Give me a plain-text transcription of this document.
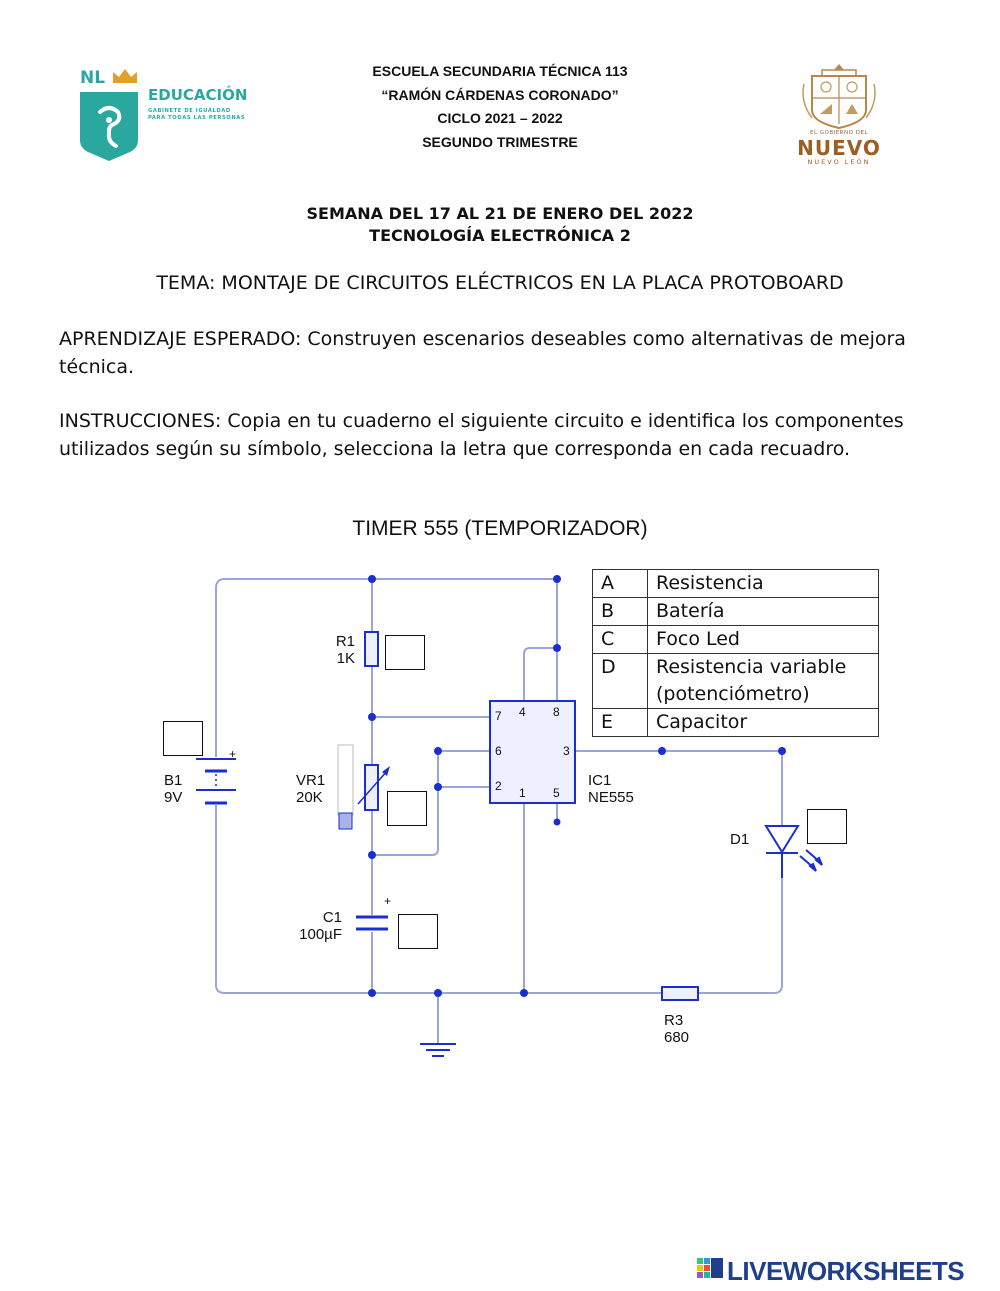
NL
EDUCACIÓN
GABINETE DE IGUALDAD
PARA TODAS LAS PERSONAS
ESCUELA SECUNDARIA TÉCNICA 113
“RAMÓN CÁRDENAS CORONADO”
CICLO 2021 – 2022
SEGUNDO TRIMESTRE
EL GOBIERNO DEL
NUEVO
NUEVO LEÓN
SEMANA DEL 17 AL 21 DE ENERO DEL 2022
TECNOLOGÍA ELECTRÓNICA 2
TEMA: MONTAJE DE CIRCUITOS ELÉCTRICOS EN LA PLACA PROTOBOARD
APRENDIZAJE ESPERADO: Construyen escenarios deseables como alternativas de mejora técnica.
INSTRUCCIONES: Copia en tu cuaderno el siguiente circuito e identifica los componentes utilizados según su símbolo, selecciona la letra que corresponda en cada recuadro.
TIMER 555 (TEMPORIZADOR)
R1
1K
VR1
20K
C1
100µF
+
B1
9V
+
IC1
NE555
D1
R3
680
7 4 8
6	3
2 1 5
A	Resistencia
B	Batería
C	Foco Led
D	Resistencia variable (potenciómetro)
E	Capacitor
LIVEWORKSHEETS
